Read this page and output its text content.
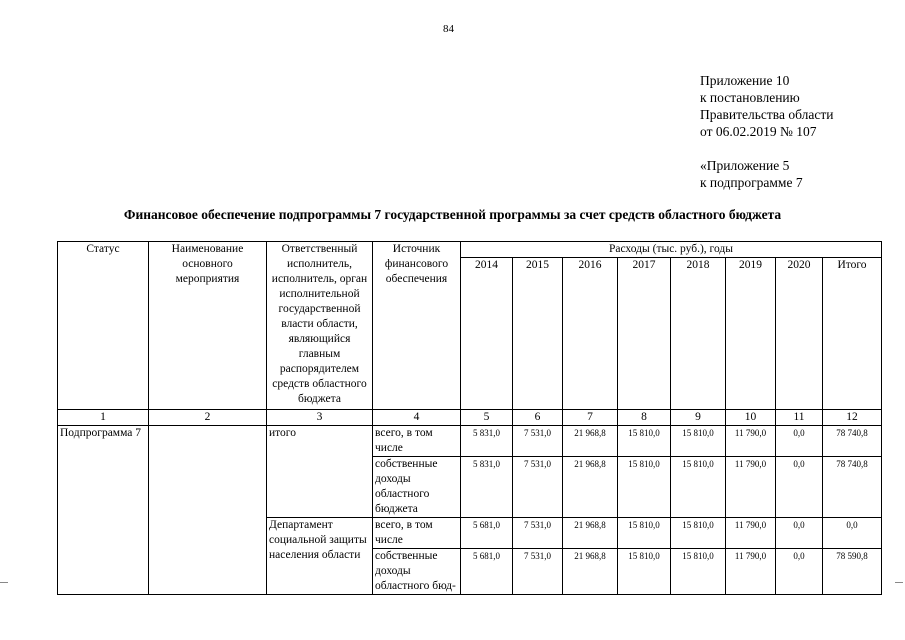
84
Приложение 10
к постановлению
Правительства области
от 06.02.2019 № 107
«Приложение 5
к подпрограмме 7
Финансовое обеспечение подпрограммы 7 государственной программы за счет средств областного бюджета
Статус	Наименование основного мероприятия	Ответственный исполнитель, исполнитель, орган исполнительной государственной власти области, являющийся главным распорядителем средств областного бюджета	Источник финансового обеспечения	Расходы (тыс. руб.), годы							
				2014	2015	2016	2017	2018	2019	2020	Итого
1	2	3	4	5	6	7	8	9	10	11	12
Подпрограмма 7		итого	всего, в том числе	5 831,0	7 531,0	21 968,8	15 810,0	15 810,0	11 790,0	0,0	78 740,8
			собственные доходы областного бюджета	5 831,0	7 531,0	21 968,8	15 810,0	15 810,0	11 790,0	0,0	78 740,8
		Департамент социальной защиты населения области	всего, в том числе	5 681,0	7 531,0	21 968,8	15 810,0	15 810,0	11 790,0	0,0	0,0
			собственные доходы областного бюд-	5 681,0	7 531,0	21 968,8	15 810,0	15 810,0	11 790,0	0,0	78 590,8
